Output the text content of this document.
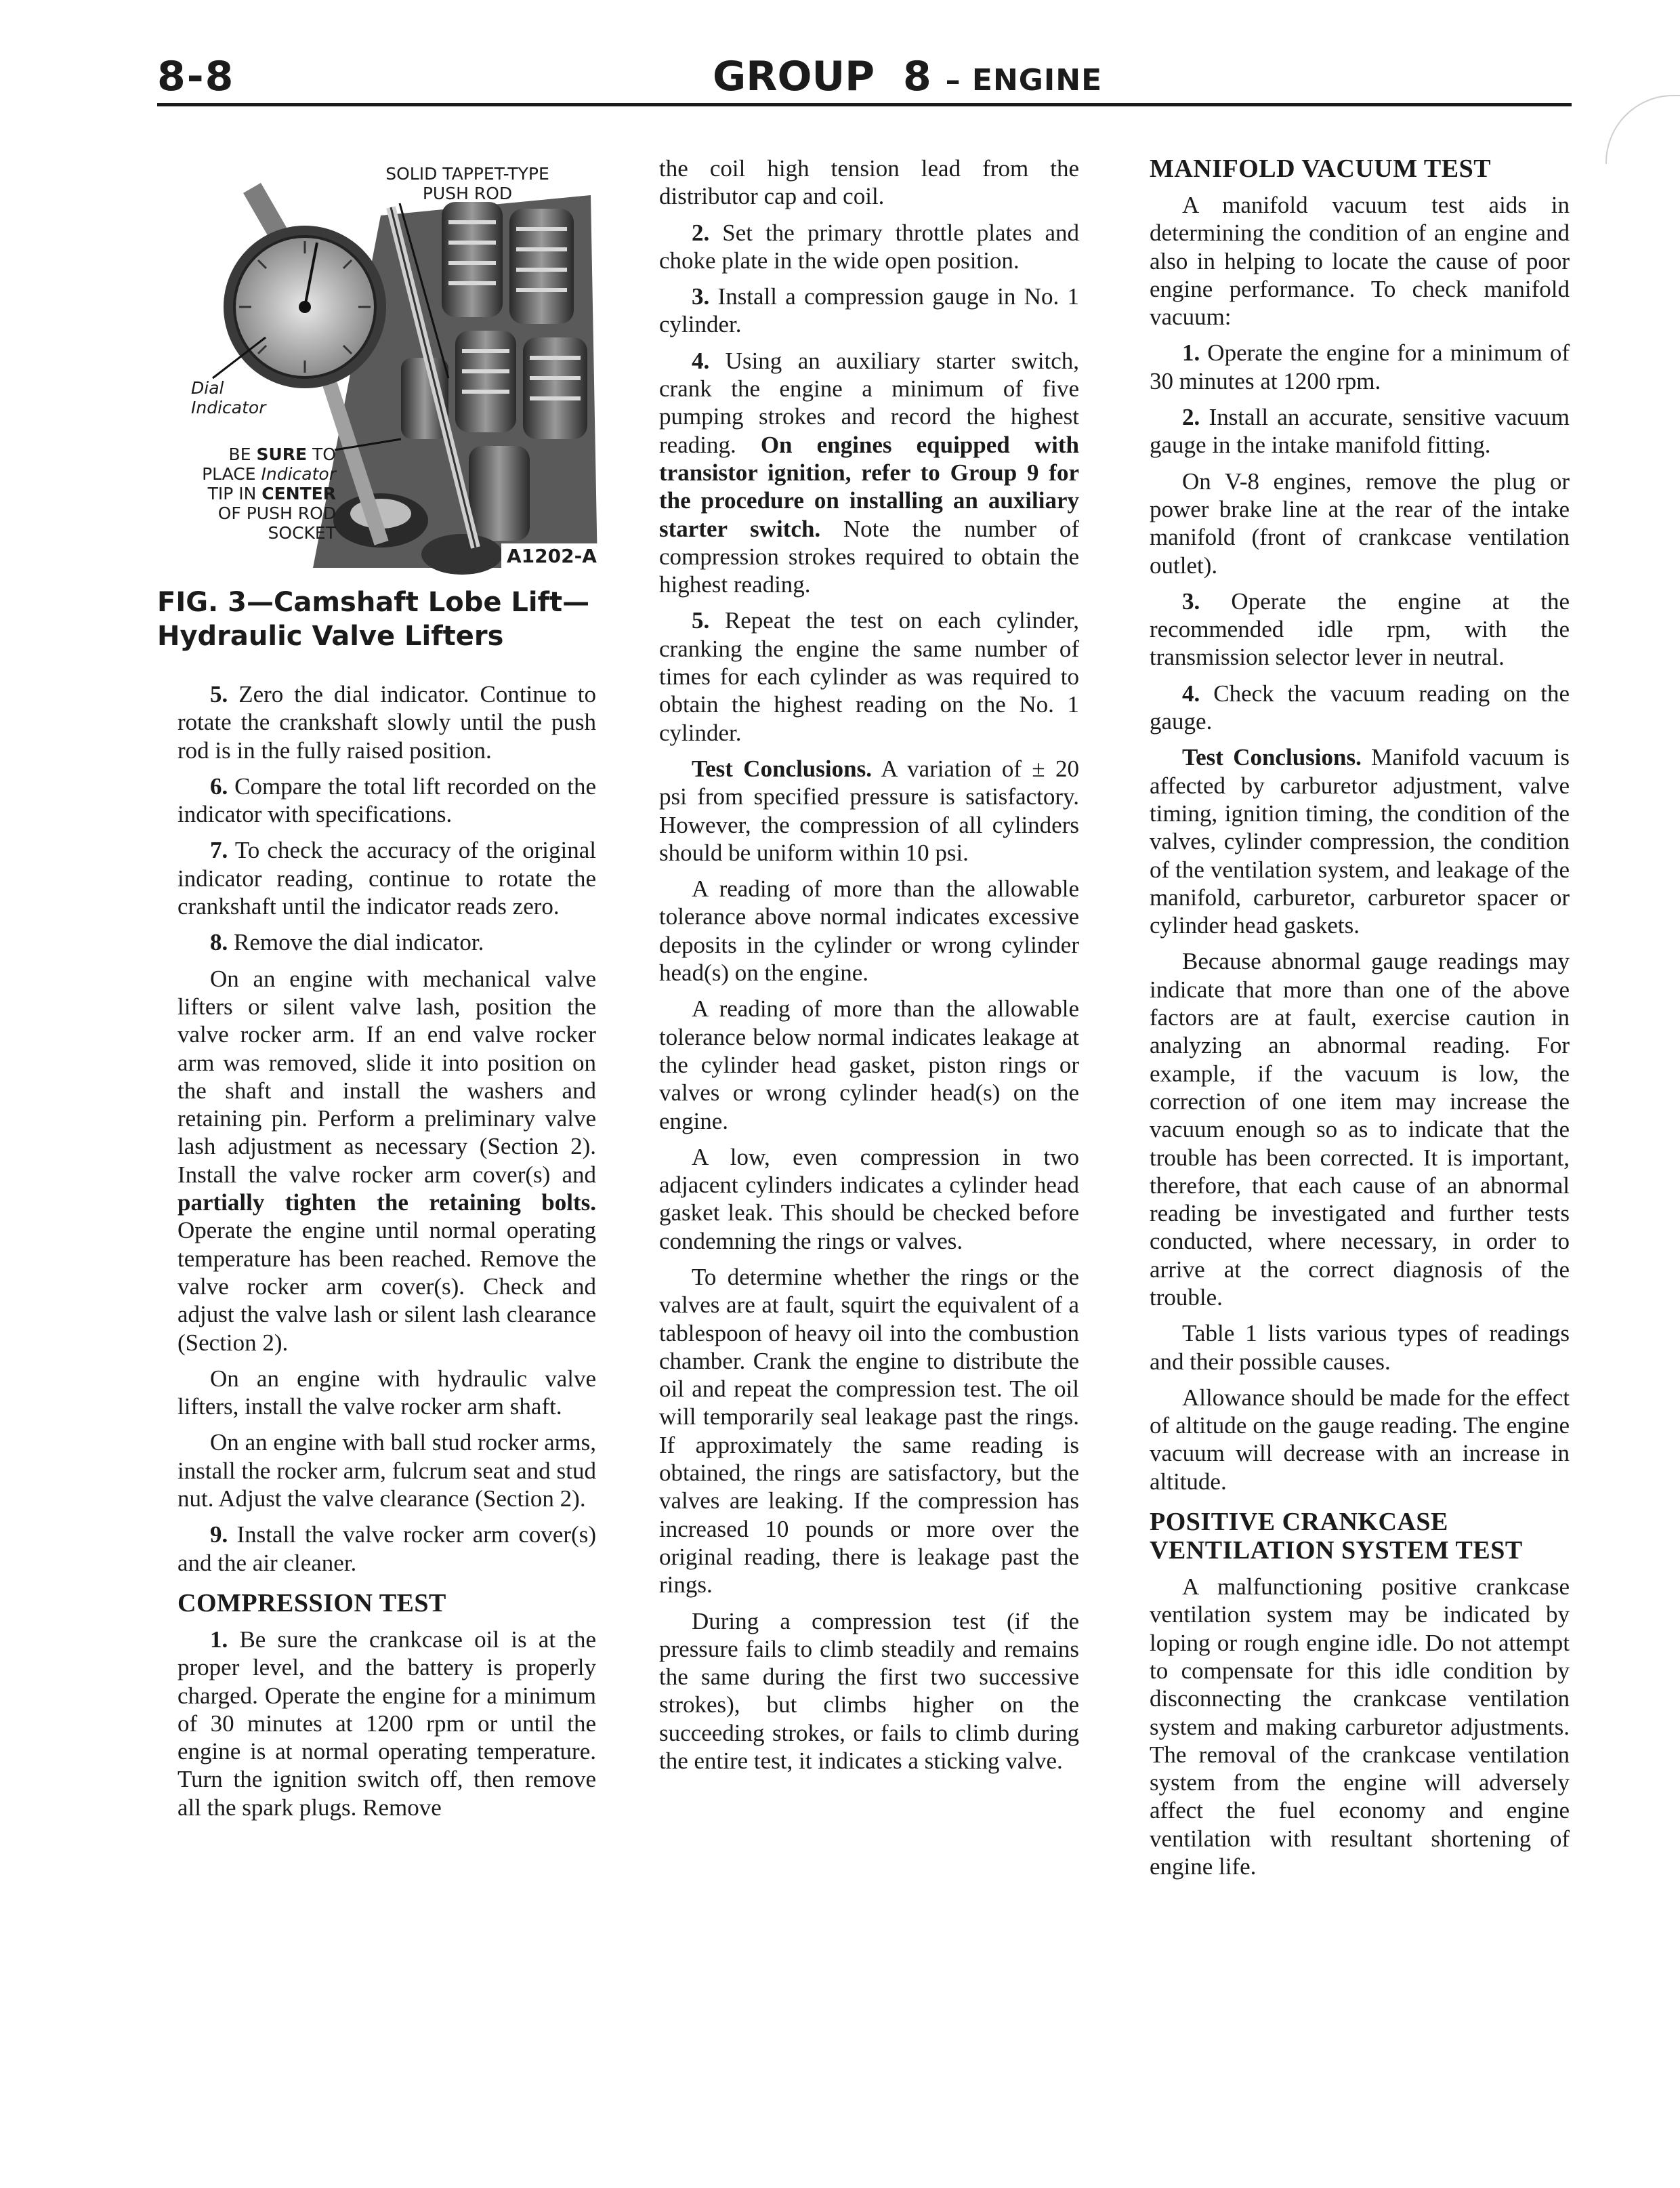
8-8	GROUP 8 – ENGINE
SOLID TAPPET-TYPE
PUSH ROD
Dial
Indicator
BE SURE TO
PLACE Indicator
TIP IN CENTER
OF PUSH ROD
SOCKET
A1202-A
FIG. 3—Camshaft Lobe Lift—
Hydraulic Valve Lifters

5. Zero the dial indicator. Continue to rotate the crankshaft slowly until the push rod is in the fully raised position.

6. Compare the total lift recorded on the indicator with specifications.

7. To check the accuracy of the original indicator reading, continue to rotate the crankshaft until the indicator reads zero.

8. Remove the dial indicator.

On an engine with mechanical valve lifters or silent valve lash, position the valve rocker arm. If an end valve rocker arm was removed, slide it into position on the shaft and install the washers and retaining pin. Perform a preliminary valve lash adjustment as necessary (Section 2). Install the valve rocker arm cover(s) and partially tighten the retaining bolts. Operate the engine until normal operating temperature has been reached. Remove the valve rocker arm cover(s). Check and adjust the valve lash or silent lash clearance (Section 2).

On an engine with hydraulic valve lifters, install the valve rocker arm shaft.

On an engine with ball stud rocker arms, install the rocker arm, fulcrum seat and stud nut. Adjust the valve clearance (Section 2).

9. Install the valve rocker arm cover(s) and the air cleaner.

COMPRESSION TEST

1. Be sure the crankcase oil is at the proper level, and the battery is properly charged. Operate the engine for a minimum of 30 minutes at 1200 rpm or until the engine is at normal operating temperature. Turn the ignition switch off, then remove all the spark plugs. Remove

the coil high tension lead from the distributor cap and coil.

2. Set the primary throttle plates and choke plate in the wide open position.

3. Install a compression gauge in No. 1 cylinder.

4. Using an auxiliary starter switch, crank the engine a minimum of five pumping strokes and record the highest reading. On engines equipped with transistor ignition, refer to Group 9 for the procedure on installing an auxiliary starter switch. Note the number of compression strokes required to obtain the highest reading.

5. Repeat the test on each cylinder, cranking the engine the same number of times for each cylinder as was required to obtain the highest reading on the No. 1 cylinder.

Test Conclusions. A variation of ± 20 psi from specified pressure is satisfactory. However, the compression of all cylinders should be uniform within 10 psi.

A reading of more than the allowable tolerance above normal indicates excessive deposits in the cylinder or wrong cylinder head(s) on the engine.

A reading of more than the allowable tolerance below normal indicates leakage at the cylinder head gasket, piston rings or valves or wrong cylinder head(s) on the engine.

A low, even compression in two adjacent cylinders indicates a cylinder head gasket leak. This should be checked before condemning the rings or valves.

To determine whether the rings or the valves are at fault, squirt the equivalent of a tablespoon of heavy oil into the combustion chamber. Crank the engine to distribute the oil and repeat the compression test. The oil will temporarily seal leakage past the rings. If approximately the same reading is obtained, the rings are satisfactory, but the valves are leaking. If the compression has increased 10 pounds or more over the original reading, there is leakage past the rings.

During a compression test (if the pressure fails to climb steadily and remains the same during the first two successive strokes), but climbs higher on the succeeding strokes, or fails to climb during the entire test, it indicates a sticking valve.

MANIFOLD VACUUM TEST

A manifold vacuum test aids in determining the condition of an engine and also in helping to locate the cause of poor engine performance. To check manifold vacuum:

1. Operate the engine for a minimum of 30 minutes at 1200 rpm.

2. Install an accurate, sensitive vacuum gauge in the intake manifold fitting.

On V-8 engines, remove the plug or power brake line at the rear of the intake manifold (front of crankcase ventilation outlet).

3. Operate the engine at the recommended idle rpm, with the transmission selector lever in neutral.

4. Check the vacuum reading on the gauge.

Test Conclusions. Manifold vacuum is affected by carburetor adjustment, valve timing, ignition timing, the condition of the valves, cylinder compression, the condition of the ventilation system, and leakage of the manifold, carburetor, carburetor spacer or cylinder head gaskets.

Because abnormal gauge readings may indicate that more than one of the above factors are at fault, exercise caution in analyzing an abnormal reading. For example, if the vacuum is low, the correction of one item may increase the vacuum enough so as to indicate that the trouble has been corrected. It is important, therefore, that each cause of an abnormal reading be investigated and further tests conducted, where necessary, in order to arrive at the correct diagnosis of the trouble.

Table 1 lists various types of readings and their possible causes.

Allowance should be made for the effect of altitude on the gauge reading. The engine vacuum will decrease with an increase in altitude.

POSITIVE CRANKCASE
VENTILATION SYSTEM TEST

A malfunctioning positive crankcase ventilation system may be indicated by loping or rough engine idle. Do not attempt to compensate for this idle condition by disconnecting the crankcase ventilation system and making carburetor adjustments. The removal of the crankcase ventilation system from the engine will adversely affect the fuel economy and engine ventilation with resultant shortening of engine life.
